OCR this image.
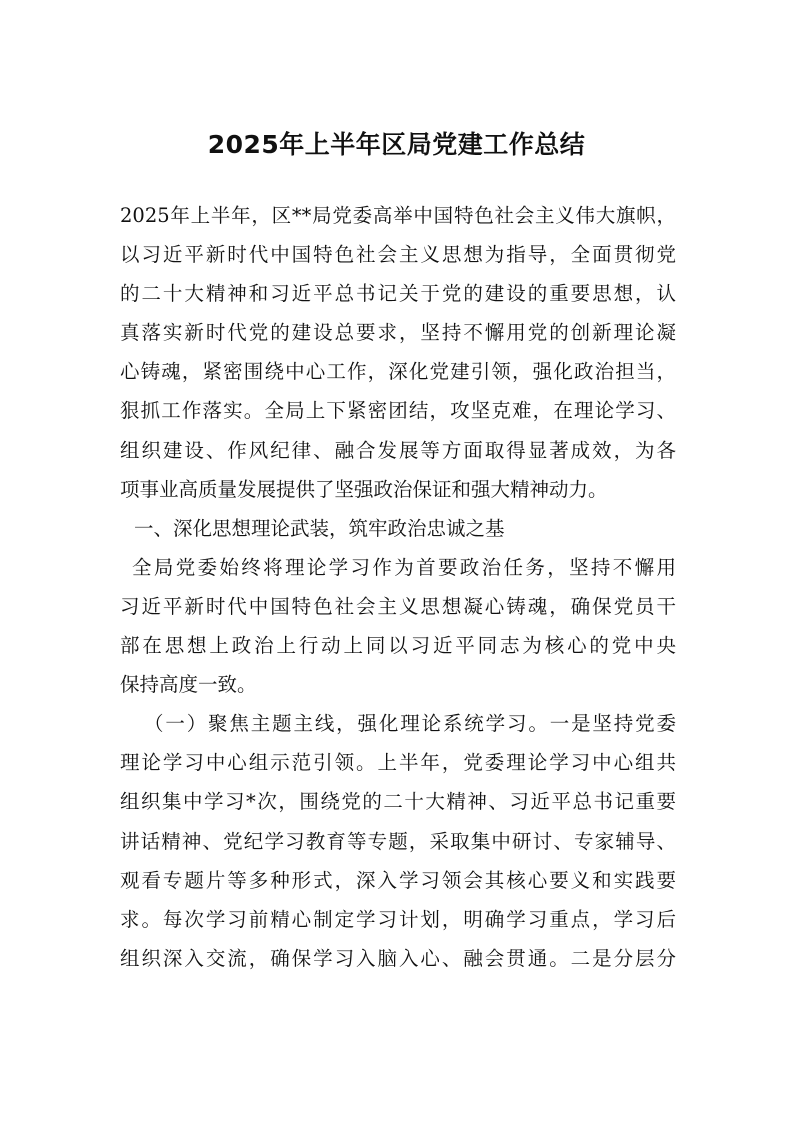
2025年上半年区局党建工作总结
2025年上半年，区**局党委高举中国特色社会主义伟大旗帜，
以习近平新时代中国特色社会主义思想为指导，全面贯彻党
的二十大精神和习近平总书记关于党的建设的重要思想，认
真落实新时代党的建设总要求，坚持不懈用党的创新理论凝
心铸魂，紧密围绕中心工作，深化党建引领，强化政治担当，
狠抓工作落实。全局上下紧密团结，攻坚克难，在理论学习、
组织建设、作风纪律、融合发展等方面取得显著成效，为各
项事业高质量发展提供了坚强政治保证和强大精神动力。
一、深化思想理论武装，筑牢政治忠诚之基
全局党委始终将理论学习作为首要政治任务，坚持不懈用
习近平新时代中国特色社会主义思想凝心铸魂，确保党员干
部在思想上政治上行动上同以习近平同志为核心的党中央
保持高度一致。
（一）聚焦主题主线，强化理论系统学习。一是坚持党委
理论学习中心组示范引领。上半年，党委理论学习中心组共
组织集中学习*次，围绕党的二十大精神、习近平总书记重要
讲话精神、党纪学习教育等专题，采取集中研讨、专家辅导、
观看专题片等多种形式，深入学习领会其核心要义和实践要
求。每次学习前精心制定学习计划，明确学习重点，学习后
组织深入交流，确保学习入脑入心、融会贯通。二是分层分
